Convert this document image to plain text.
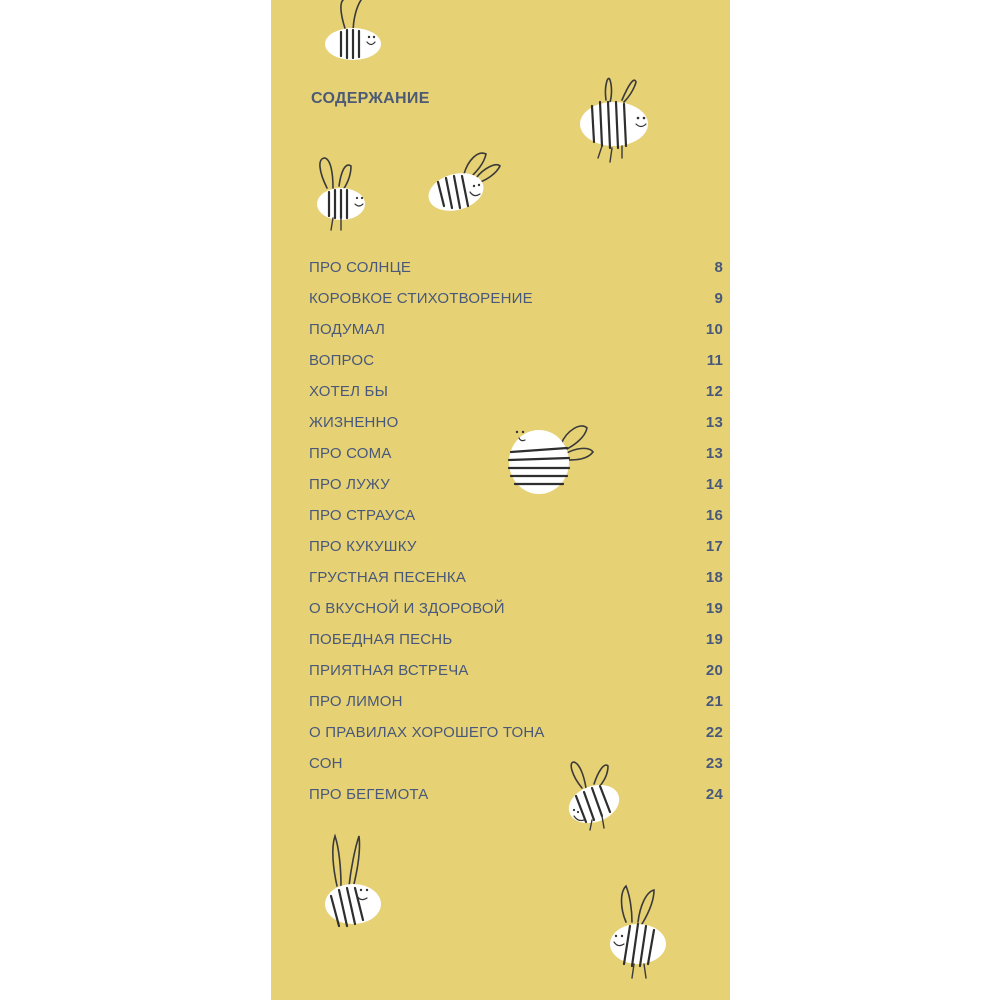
СОДЕРЖАНИЕ
ПРО СОЛНЦЕ	8
КОРОВКОЕ СТИХОТВОРЕНИЕ	9
ПОДУМАЛ	10
ВОПРОС	11
ХОТЕЛ БЫ	12
ЖИЗНЕННО	13
ПРО СОМА	13
ПРО ЛУЖУ	14
ПРО СТРАУСА	16
ПРО КУКУШКУ	17
ГРУСТНАЯ ПЕСЕНКА	18
О ВКУСНОЙ И ЗДОРОВОЙ	19
ПОБЕДНАЯ ПЕСНЬ	19
ПРИЯТНАЯ ВСТРЕЧА	20
ПРО ЛИМОН	21
О ПРАВИЛАХ ХОРОШЕГО ТОНА	22
СОН	23
ПРО БЕГЕМОТА	24
